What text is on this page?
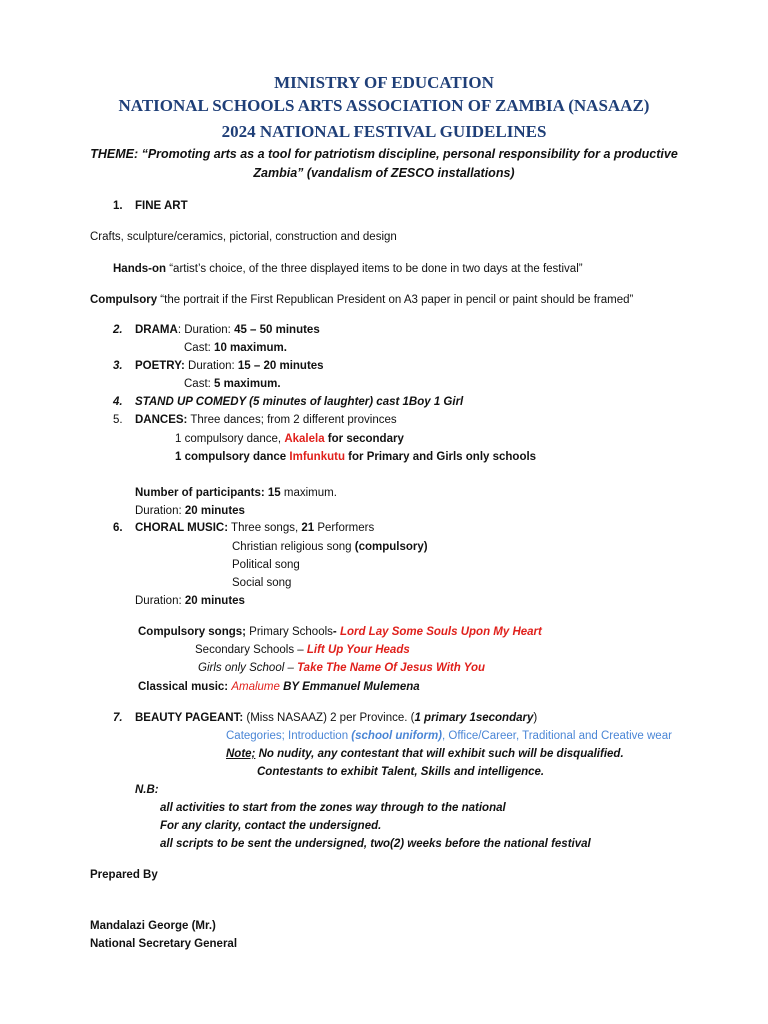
MINISTRY OF EDUCATION
NATIONAL SCHOOLS ARTS ASSOCIATION OF ZAMBIA (NASAAZ)
2024 NATIONAL FESTIVAL GUIDELINES
THEME: “Promoting arts as a tool for patriotism discipline, personal responsibility for a productive
Zambia” (vandalism of ZESCO installations)
1. FINE ART
Crafts, sculpture/ceramics, pictorial, construction and design
Hands-on “artist’s choice, of the three displayed items to be done in two days at the festival”
Compulsory “the portrait if the First Republican President on A3 paper in pencil or paint should be framed”
2. DRAMA: Duration: 45 – 50 minutes
Cast: 10 maximum.
3. POETRY: Duration: 15 – 20 minutes
Cast: 5 maximum.
4. STAND UP COMEDY (5 minutes of laughter) cast 1Boy 1 Girl
5. DANCES: Three dances; from 2 different provinces
1 compulsory dance, Akalela for secondary
1 compulsory dance Imfunkutu for Primary and Girls only schools
Number of participants: 15 maximum.
Duration: 20 minutes
6. CHORAL MUSIC: Three songs, 21 Performers
Christian religious song (compulsory)
Political song
Social song
Duration: 20 minutes
Compulsory songs; Primary Schools- Lord Lay Some Souls Upon My Heart
Secondary Schools – Lift Up Your Heads
Girls only School – Take The Name Of Jesus With You
Classical music: Amalume BY Emmanuel Mulemena
7. BEAUTY PAGEANT: (Miss NASAAZ) 2 per Province. (1 primary 1secondary)
Categories; Introduction (school uniform), Office/Career, Traditional and Creative wear
Note; No nudity, any contestant that will exhibit such will be disqualified.
Contestants to exhibit Talent, Skills and intelligence.
N.B:
all activities to start from the zones way through to the national
For any clarity, contact the undersigned.
all scripts to be sent the undersigned, two(2) weeks before the national festival
Prepared By
Mandalazi George (Mr.)
National Secretary General
